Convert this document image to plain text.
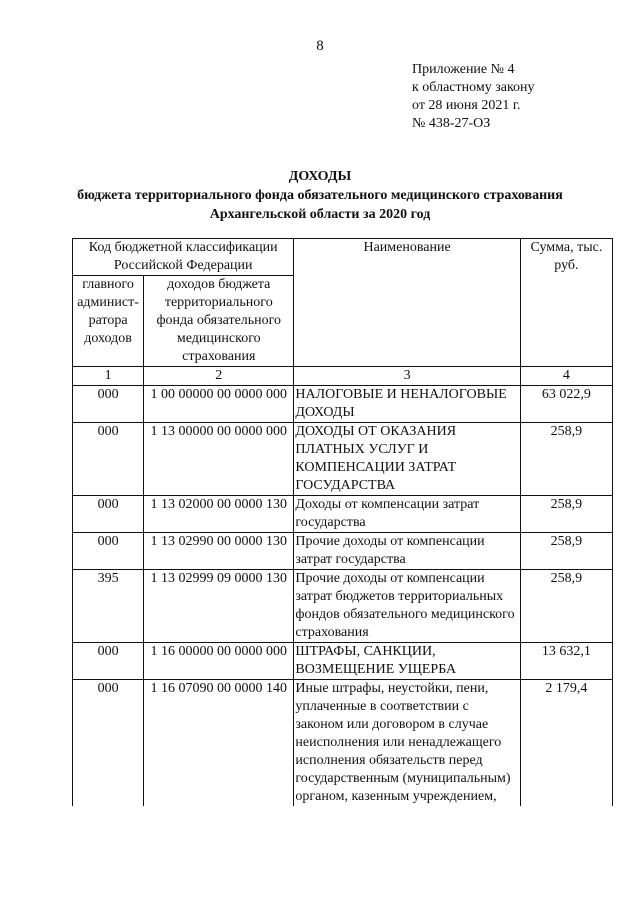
8
Приложение № 4
к областному закону
от 28 июня 2021 г.
№ 438-27-ОЗ
ДОХОДЫ
бюджета территориального фонда обязательного медицинского страхования
Архангельской области за 2020 год
Код бюджетной классификации Российской Федерации		Наименование	Сумма, тыс. руб.
главного админист-ратора доходов	доходов бюджета территориального фонда обязательного медицинского страхования		
1	2	3	4
000	1 00 00000 00 0000 000	НАЛОГОВЫЕ И НЕНАЛОГОВЫЕ ДОХОДЫ	63 022,9
000	1 13 00000 00 0000 000	ДОХОДЫ ОТ ОКАЗАНИЯ ПЛАТНЫХ УСЛУГ И КОМПЕНСАЦИИ ЗАТРАТ ГОСУДАРСТВА	258,9
000	1 13 02000 00 0000 130	Доходы от компенсации затрат государства	258,9
000	1 13 02990 00 0000 130	Прочие доходы от компенсации затрат государства	258,9
395	1 13 02999 09 0000 130	Прочие доходы от компенсации затрат бюджетов территориальных фондов обязательного медицинского страхования	258,9
000	1 16 00000 00 0000 000	ШТРАФЫ, САНКЦИИ, ВОЗМЕЩЕНИЕ УЩЕРБА	13 632,1
000	1 16 07090 00 0000 140	Иные штрафы, неустойки, пени, уплаченные в соответствии с законом или договором в случае неисполнения или ненадлежащего исполнения обязательств перед государственным (муниципальным) органом, казенным учреждением,	2 179,4
